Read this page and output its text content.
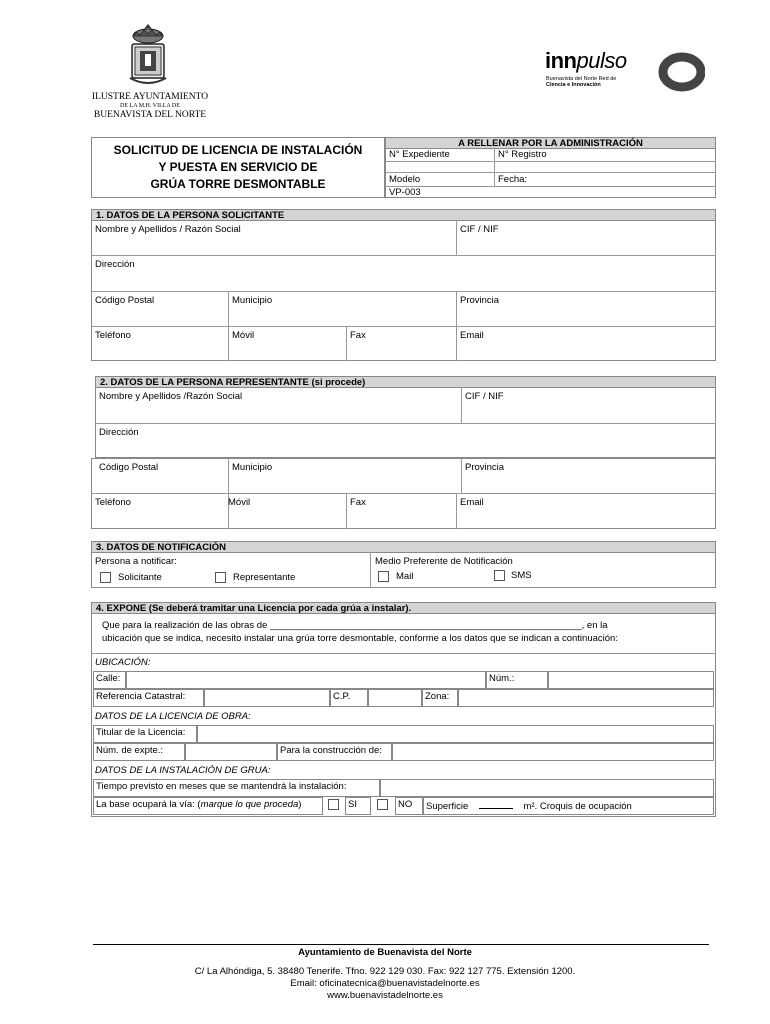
ILUSTRE AYUNTAMIENTO
DE LA M.H. VILLA DE
BUENAVISTA DEL NORTE
innpulso
Buenavista del Norte Red de
Ciencia e Innovación
SOLICITUD DE LICENCIA DE INSTALACIÓN
Y PUESTA EN SERVICIO DE
GRÚA TORRE DESMONTABLE
A RELLENAR POR LA ADMINISTRACIÓN
N° Expediente	N° Registro
Modelo	Fecha:
VP-003
1. DATOS DE LA PERSONA SOLICITANTE
Nombre y Apellidos / Razón Social	CIF / NIF
Dirección
Código Postal	Municipio	Provincia
Teléfono	Móvil	Fax	Email
2. DATOS DE LA PERSONA REPRESENTANTE (si procede)
Nombre y Apellidos /Razón Social	CIF / NIF
Dirección
Código Postal	Municipio	Provincia
Teléfono	Móvil	Fax	Email
3. DATOS DE NOTIFICACIÓN
Persona a notificar:
Solicitante	Representante
Medio Preferente de Notificación
Mail	SMS
4. EXPONE (Se deberá tramitar una Licencia por cada grúa a instalar).
Que para la realización de las obras de ___________________________________________________________, en la
ubicación que se indica, necesito instalar una grúa torre desmontable, conforme a los datos que se indican a continuación:
UBICACIÓN:
Calle:	Núm.:
Referencia Catastral:	C.P.	Zona:
DATOS DE LA LICENCIA DE OBRA:
Titular de la Licencia:
Núm. de expte.:	Para la construcción de:
DATOS DE LA INSTALACIÓN DE GRUA:
Tiempo previsto en meses que se mantendrá la instalación:
La base ocupará la vía: (marque lo que proceda)	SI	NO	Superficie	m². Croquis de ocupación
Ayuntamiento de Buenavista del Norte
C/ La Alhóndiga, 5. 38480 Tenerife. Tfno. 922 129 030. Fax: 922 127 775. Extensión 1200.
Email: oficinatecnica@buenavistadelnorte.es
www.buenavistadelnorte.es
